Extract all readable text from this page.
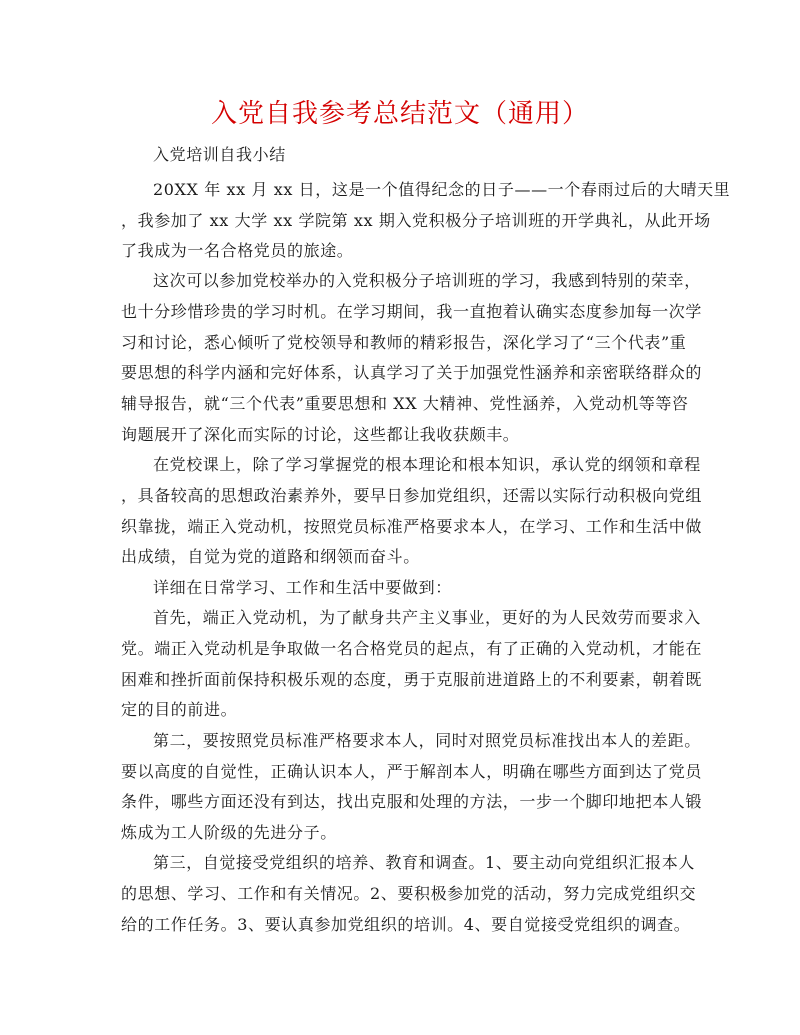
入党自我参考总结范文（通用）
入党培训自我小结
20XX 年 xx 月 xx 日，这是一个值得纪念的日子——一个春雨过后的大晴天里
，我参加了 xx 大学 xx 学院第 xx 期入党积极分子培训班的开学典礼，从此开场
了我成为一名合格党员的旅途。
这次可以参加党校举办的入党积极分子培训班的学习，我感到特别的荣幸，
也十分珍惜珍贵的学习时机。在学习期间，我一直抱着认确实态度参加每一次学
习和讨论，悉心倾听了党校领导和教师的精彩报告，深化学习了“三个代表”重
要思想的科学内涵和完好体系，认真学习了关于加强党性涵养和亲密联络群众的
辅导报告，就“三个代表”重要思想和 XX 大精神、党性涵养，入党动机等等咨
询题展开了深化而实际的讨论，这些都让我收获颇丰。
在党校课上，除了学习掌握党的根本理论和根本知识，承认党的纲领和章程
，具备较高的思想政治素养外，要早日参加党组织，还需以实际行动积极向党组
织靠拢，端正入党动机，按照党员标准严格要求本人，在学习、工作和生活中做
出成绩，自觉为党的道路和纲领而奋斗。
详细在日常学习、工作和生活中要做到：
首先，端正入党动机，为了献身共产主义事业，更好的为人民效劳而要求入
党。端正入党动机是争取做一名合格党员的起点，有了正确的入党动机，才能在
困难和挫折面前保持积极乐观的态度，勇于克服前进道路上的不利要素，朝着既
定的目的前进。
第二，要按照党员标准严格要求本人，同时对照党员标准找出本人的差距。
要以高度的自觉性，正确认识本人，严于解剖本人，明确在哪些方面到达了党员
条件，哪些方面还没有到达，找出克服和处理的方法，一步一个脚印地把本人锻
炼成为工人阶级的先进分子。
第三，自觉接受党组织的培养、教育和调查。1、要主动向党组织汇报本人
的思想、学习、工作和有关情况。2、要积极参加党的活动，努力完成党组织交
给的工作任务。3、要认真参加党组织的培训。4、要自觉接受党组织的调查。
